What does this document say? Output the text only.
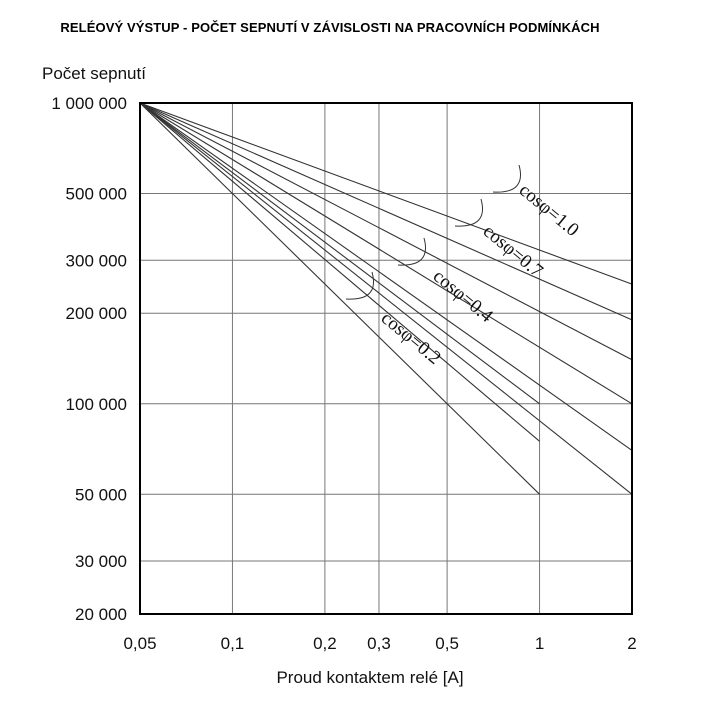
RELÉOVÝ VÝSTUP - POČET SEPNUTÍ V ZÁVISLOSTI NA PRACOVNÍCH PODMÍNKÁCH
Počet sepnutí
Proud kontaktem relé [A]
cosφ=0.2
cosφ=0.4
cosφ=0.7
cosφ=1.0
20 000
30 000
50 000
100 000
200 000
300 000
500 000
1 000 000
0,05	0,1	0,2 0,3	0,5	1	2
